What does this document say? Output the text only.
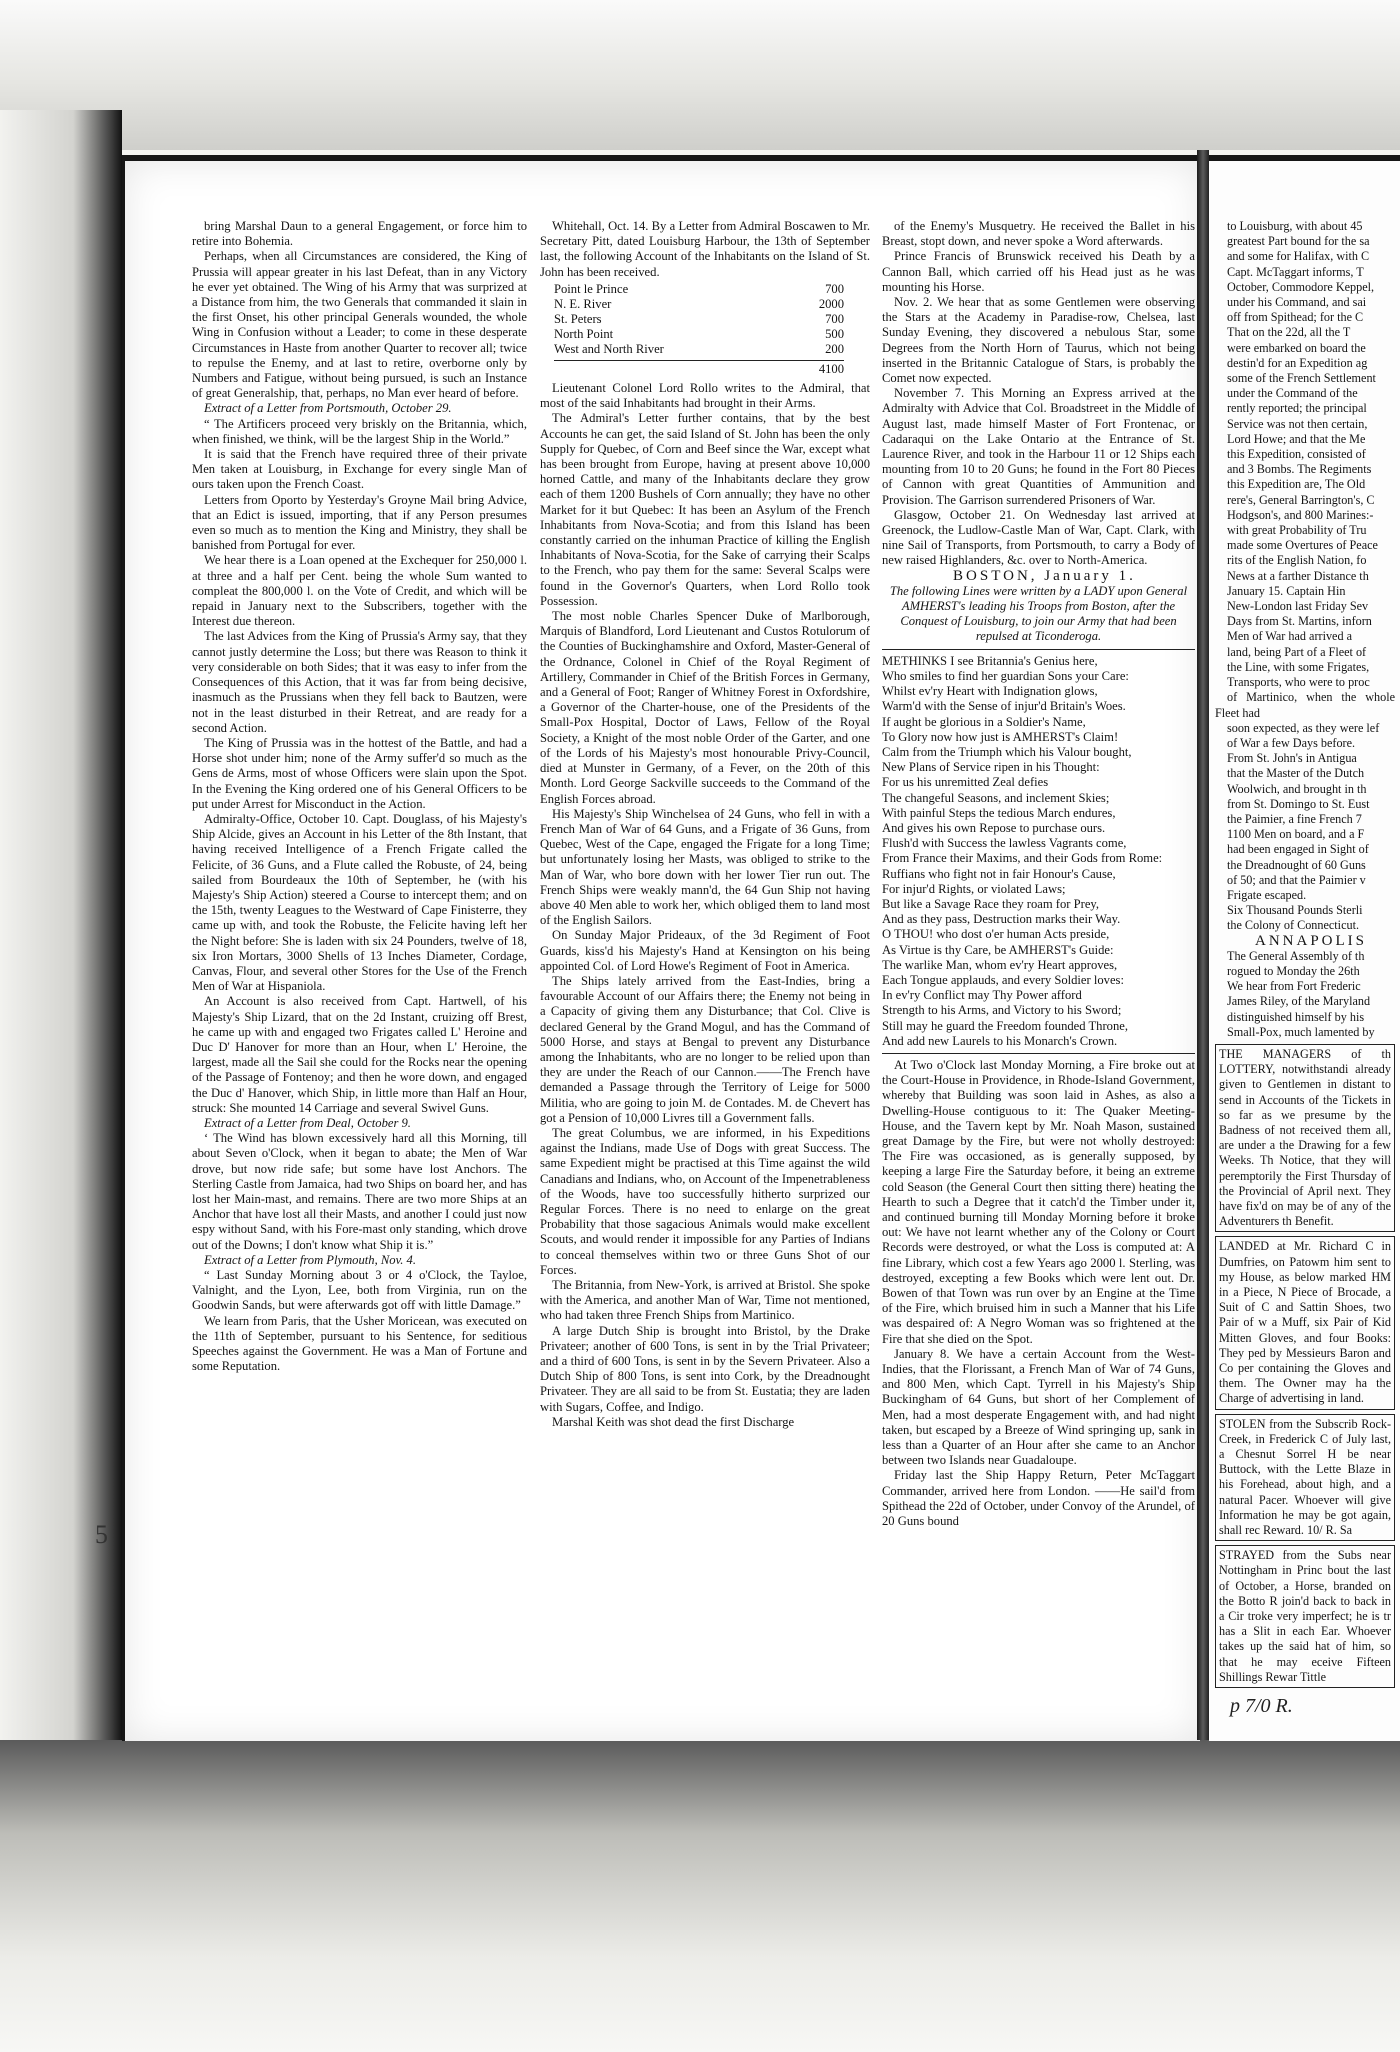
bring Marshal Daun to a general Engagement, or force him to retire into Bohemia.

Perhaps, when all Circumstances are considered, the King of Prussia will appear greater in his last Defeat, than in any Victory he ever yet obtained. The Wing of his Army that was surprized at a Distance from him, the two Generals that commanded it slain in the first Onset, his other principal Generals wounded, the whole Wing in Confusion without a Leader; to come in these desperate Circumstances in Haste from another Quarter to recover all; twice to repulse the Enemy, and at last to retire, overborne only by Numbers and Fatigue, without being pursued, is such an Instance of great Generalship, that, perhaps, no Man ever heard of before.

Extract of a Letter from Portsmouth, October 29.

“ The Artificers proceed very briskly on the Britannia, which, when finished, we think, will be the largest Ship in the World.”

It is said that the French have required three of their private Men taken at Louisburg, in Exchange for every single Man of ours taken upon the French Coast.

Letters from Oporto by Yesterday's Groyne Mail bring Advice, that an Edict is issued, importing, that if any Person presumes even so much as to mention the King and Ministry, they shall be banished from Portugal for ever.

We hear there is a Loan opened at the Exchequer for 250,000 l. at three and a half per Cent. being the whole Sum wanted to compleat the 800,000 l. on the Vote of Credit, and which will be repaid in January next to the Subscribers, together with the Interest due thereon.

The last Advices from the King of Prussia's Army say, that they cannot justly determine the Loss; but there was Reason to think it very considerable on both Sides; that it was easy to infer from the Consequences of this Action, that it was far from being decisive, inasmuch as the Prussians when they fell back to Bautzen, were not in the least disturbed in their Retreat, and are ready for a second Action.

The King of Prussia was in the hottest of the Battle, and had a Horse shot under him; none of the Army suffer'd so much as the Gens de Arms, most of whose Officers were slain upon the Spot. In the Evening the King ordered one of his General Officers to be put under Arrest for Misconduct in the Action.

Admiralty-Office, October 10. Capt. Douglass, of his Majesty's Ship Alcide, gives an Account in his Letter of the 8th Instant, that having received Intelligence of a French Frigate called the Felicite, of 36 Guns, and a Flute called the Robuste, of 24, being sailed from Bourdeaux the 10th of September, he (with his Majesty's Ship Action) steered a Course to intercept them; and on the 15th, twenty Leagues to the Westward of Cape Finisterre, they came up with, and took the Robuste, the Felicite having left her the Night before: She is laden with six 24 Pounders, twelve of 18, six Iron Mortars, 3000 Shells of 13 Inches Diameter, Cordage, Canvas, Flour, and several other Stores for the Use of the French Men of War at Hispaniola.

An Account is also received from Capt. Hartwell, of his Majesty's Ship Lizard, that on the 2d Instant, cruizing off Brest, he came up with and engaged two Frigates called L' Heroine and Duc D' Hanover for more than an Hour, when L' Heroine, the largest, made all the Sail she could for the Rocks near the opening of the Passage of Fontenoy; and then he wore down, and engaged the Duc d' Hanover, which Ship, in little more than Half an Hour, struck: She mounted 14 Carriage and several Swivel Guns.

Extract of a Letter from Deal, October 9.

‘ The Wind has blown excessively hard all this Morning, till about Seven o'Clock, when it began to abate; the Men of War drove, but now ride safe; but some have lost Anchors. The Sterling Castle from Jamaica, had two Ships on board her, and has lost her Main-mast, and remains. There are two more Ships at an Anchor that have lost all their Masts, and another I could just now espy without Sand, with his Fore-mast only standing, which drove out of the Downs; I don't know what Ship it is.”

Extract of a Letter from Plymouth, Nov. 4.

“ Last Sunday Morning about 3 or 4 o'Clock, the Tayloe, Valnight, and the Lyon, Lee, both from Virginia, run on the Goodwin Sands, but were afterwards got off with little Damage.”

We learn from Paris, that the Usher Moricean, was executed on the 11th of September, pursuant to his Sentence, for seditious Speeches against the Government. He was a Man of Fortune and some Reputation.

Whitehall, Oct. 14. By a Letter from Admiral Boscawen to Mr. Secretary Pitt, dated Louisburg Harbour, the 13th of September last, the following Account of the Inhabitants on the Island of St. John has been received.

Point le Prince	700
N. E. River	2000
St. Peters	700
North Point	500
West and North River	200
4100

Lieutenant Colonel Lord Rollo writes to the Admiral, that most of the said Inhabitants had brought in their Arms.

The Admiral's Letter further contains, that by the best Accounts he can get, the said Island of St. John has been the only Supply for Quebec, of Corn and Beef since the War, except what has been brought from Europe, having at present above 10,000 horned Cattle, and many of the Inhabitants declare they grow each of them 1200 Bushels of Corn annually; they have no other Market for it but Quebec: It has been an Asylum of the French Inhabitants from Nova-Scotia; and from this Island has been constantly carried on the inhuman Practice of killing the English Inhabitants of Nova-Scotia, for the Sake of carrying their Scalps to the French, who pay them for the same: Several Scalps were found in the Governor's Quarters, when Lord Rollo took Possession.

The most noble Charles Spencer Duke of Marlborough, Marquis of Blandford, Lord Lieutenant and Custos Rotulorum of the Counties of Buckinghamshire and Oxford, Master-General of the Ordnance, Colonel in Chief of the Royal Regiment of Artillery, Commander in Chief of the British Forces in Germany, and a General of Foot; Ranger of Whitney Forest in Oxfordshire, a Governor of the Charter-house, one of the Presidents of the Small-Pox Hospital, Doctor of Laws, Fellow of the Royal Society, a Knight of the most noble Order of the Garter, and one of the Lords of his Majesty's most honourable Privy-Council, died at Munster in Germany, of a Fever, on the 20th of this Month. Lord George Sackville succeeds to the Command of the English Forces abroad.

His Majesty's Ship Winchelsea of 24 Guns, who fell in with a French Man of War of 64 Guns, and a Frigate of 36 Guns, from Quebec, West of the Cape, engaged the Frigate for a long Time; but unfortunately losing her Masts, was obliged to strike to the Man of War, who bore down with her lower Tier run out. The French Ships were weakly mann'd, the 64 Gun Ship not having above 40 Men able to work her, which obliged them to land most of the English Sailors.

On Sunday Major Prideaux, of the 3d Regiment of Foot Guards, kiss'd his Majesty's Hand at Kensington on his being appointed Col. of Lord Howe's Regiment of Foot in America.

The Ships lately arrived from the East-Indies, bring a favourable Account of our Affairs there; the Enemy not being in a Capacity of giving them any Disturbance; that Col. Clive is declared General by the Grand Mogul, and has the Command of 5000 Horse, and stays at Bengal to prevent any Disturbance among the Inhabitants, who are no longer to be relied upon than they are under the Reach of our Cannon.——The French have demanded a Passage through the Territory of Leige for 5000 Militia, who are going to join M. de Contades. M. de Chevert has got a Pension of 10,000 Livres till a Government falls.

The great Columbus, we are informed, in his Expeditions against the Indians, made Use of Dogs with great Success. The same Expedient might be practised at this Time against the wild Canadians and Indians, who, on Account of the Impenetrableness of the Woods, have too successfully hitherto surprized our Regular Forces. There is no need to enlarge on the great Probability that those sagacious Animals would make excellent Scouts, and would render it impossible for any Parties of Indians to conceal themselves within two or three Guns Shot of our Forces.

The Britannia, from New-York, is arrived at Bristol. She spoke with the America, and another Man of War, Time not mentioned, who had taken three French Ships from Martinico.

A large Dutch Ship is brought into Bristol, by the Drake Privateer; another of 600 Tons, is sent in by the Trial Privateer; and a third of 600 Tons, is sent in by the Severn Privateer. Also a Dutch Ship of 800 Tons, is sent into Cork, by the Dreadnought Privateer. They are all said to be from St. Eustatia; they are laden with Sugars, Coffee, and Indigo.

Marshal Keith was shot dead the first Discharge

of the Enemy's Musquetry. He received the Ballet in his Breast, stopt down, and never spoke a Word afterwards.

Prince Francis of Brunswick received his Death by a Cannon Ball, which carried off his Head just as he was mounting his Horse.

Nov. 2. We hear that as some Gentlemen were observing the Stars at the Academy in Paradise-row, Chelsea, last Sunday Evening, they discovered a nebulous Star, some Degrees from the North Horn of Taurus, which not being inserted in the Britannic Catalogue of Stars, is probably the Comet now expected.

November 7. This Morning an Express arrived at the Admiralty with Advice that Col. Broadstreet in the Middle of August last, made himself Master of Fort Frontenac, or Cadaraqui on the Lake Ontario at the Entrance of St. Laurence River, and took in the Harbour 11 or 12 Ships each mounting from 10 to 20 Guns; he found in the Fort 80 Pieces of Cannon with great Quantities of Ammunition and Provision. The Garrison surrendered Prisoners of War.

Glasgow, October 21. On Wednesday last arrived at Greenock, the Ludlow-Castle Man of War, Capt. Clark, with nine Sail of Transports, from Portsmouth, to carry a Body of new raised Highlanders, &c. over to North-America.

BOSTON, January 1.

The following Lines were written by a LADY upon General AMHERST's leading his Troops from Boston, after the Conquest of Louisburg, to join our Army that had been repulsed at Ticonderoga.

METHINKS I see Britannia's Genius here,
Who smiles to find her guardian Sons your Care:
Whilst ev'ry Heart with Indignation glows,
Warm'd with the Sense of injur'd Britain's Woes.
If aught be glorious in a Soldier's Name,
To Glory now how just is AMHERST's Claim!
Calm from the Triumph which his Valour bought,
New Plans of Service ripen in his Thought:
For us his unremitted Zeal defies
The changeful Seasons, and inclement Skies;
With painful Steps the tedious March endures,
And gives his own Repose to purchase ours.
Flush'd with Success the lawless Vagrants come,
From France their Maxims, and their Gods from Rome:
Ruffians who fight not in fair Honour's Cause,
For injur'd Rights, or violated Laws;
But like a Savage Race they roam for Prey,
And as they pass, Destruction marks their Way.
O THOU! who dost o'er human Acts preside,
As Virtue is thy Care, be AMHERST's Guide:
The warlike Man, whom ev'ry Heart approves,
Each Tongue applauds, and every Soldier loves:
In ev'ry Conflict may Thy Power afford
Strength to his Arms, and Victory to his Sword;
Still may he guard the Freedom founded Throne,
And add new Laurels to his Monarch's Crown.

At Two o'Clock last Monday Morning, a Fire broke out at the Court-House in Providence, in Rhode-Island Government, whereby that Building was soon laid in Ashes, as also a Dwelling-House contiguous to it: The Quaker Meeting-House, and the Tavern kept by Mr. Noah Mason, sustained great Damage by the Fire, but were not wholly destroyed: The Fire was occasioned, as is generally supposed, by keeping a large Fire the Saturday before, it being an extreme cold Season (the General Court then sitting there) heating the Hearth to such a Degree that it catch'd the Timber under it, and continued burning till Monday Morning before it broke out: We have not learnt whether any of the Colony or Court Records were destroyed, or what the Loss is computed at: A fine Library, which cost a few Years ago 2000 l. Sterling, was destroyed, excepting a few Books which were lent out. Dr. Bowen of that Town was run over by an Engine at the Time of the Fire, which bruised him in such a Manner that his Life was despaired of: A Negro Woman was so frightened at the Fire that she died on the Spot.

January 8. We have a certain Account from the West-Indies, that the Florissant, a French Man of War of 74 Guns, and 800 Men, which Capt. Tyrrell in his Majesty's Ship Buckingham of 64 Guns, but short of her Complement of Men, had a most desperate Engagement with, and had night taken, but escaped by a Breeze of Wind springing up, sank in less than a Quarter of an Hour after she came to an Anchor between two Islands near Guadaloupe.

Friday last the Ship Happy Return, Peter McTaggart Commander, arrived here from London. ——He sail'd from Spithead the 22d of October, under Convoy of the Arundel, of 20 Guns bound

to Louisburg, with about 45

greatest Part bound for the sa

and some for Halifax, with C

Capt. McTaggart informs, T

October, Commodore Keppel,

under his Command, and sai

off from Spithead; for the C

That on the 22d, all the T

were embarked on board the

destin'd for an Expedition ag

some of the French Settlement

under the Command of the

rently reported; the principal

Service was not then certain,

Lord Howe; and that the Me

this Expedition, consisted of

and 3 Bombs. The Regiments

this Expedition are, The Old

rere's, General Barrington's, C

Hodgson's, and 800 Marines:-

with great Probability of Tru

made some Overtures of Peace

rits of the English Nation, fo

News at a farther Distance th

January 15. Captain Hin

New-London last Friday Sev

Days from St. Martins, inforn

Men of War had arrived a

land, being Part of a Fleet of

the Line, with some Frigates,

Transports, who were to proc

of Martinico, when the whole Fleet had

soon expected, as they were lef

of War a few Days before.

From St. John's in Antigua

that the Master of the Dutch

Woolwich, and brought in th

from St. Domingo to St. Eust

the Paimier, a fine French 7

1100 Men on board, and a F

had been engaged in Sight of

the Dreadnought of 60 Guns

of 50; and that the Paimier v

Frigate escaped.

Six Thousand Pounds Sterli

the Colony of Connecticut.

ANNAPOLIS

The General Assembly of th

rogued to Monday the 26th

We hear from Fort Frederic

James Riley, of the Maryland

distinguished himself by his

Small-Pox, much lamented by

THE MANAGERS of th LOTTERY, notwithstandi already given to Gentlemen in distant to send in Accounts of the Tickets in so far as we presume by the Badness of not received them all, are under a the Drawing for a few Weeks. Th Notice, that they will peremptorily the First Thursday of the Provincial of April next. They have fix'd on may be of any of the Adventurers th Benefit.

LANDED at Mr. Richard C in Dumfries, on Patowm him sent to my House, as below marked HM in a Piece, N Piece of Brocade, a Suit of C and Sattin Shoes, two Pair of w a Muff, six Pair of Kid Mitten Gloves, and four Books: They ped by Messieurs Baron and Co per containing the Gloves and them. The Owner may ha the Charge of advertising in land.

STOLEN from the Subscrib Rock-Creek, in Frederick C of July last, a Chesnut Sorrel H be near Buttock, with the Lette Blaze in his Forehead, about high, and a natural Pacer. Whoever will give Information he may be got again, shall rec Reward. 10/ R. Sa

STRAYED from the Subs near Nottingham in Princ bout the last of October, a Horse, branded on the Botto R join'd back to back in a Cir troke very imperfect; he is tr has a Slit in each Ear. Whoever takes up the said hat of him, so that he may eceive Fifteen Shillings Rewar Tittle

5
p 7/0 R.
